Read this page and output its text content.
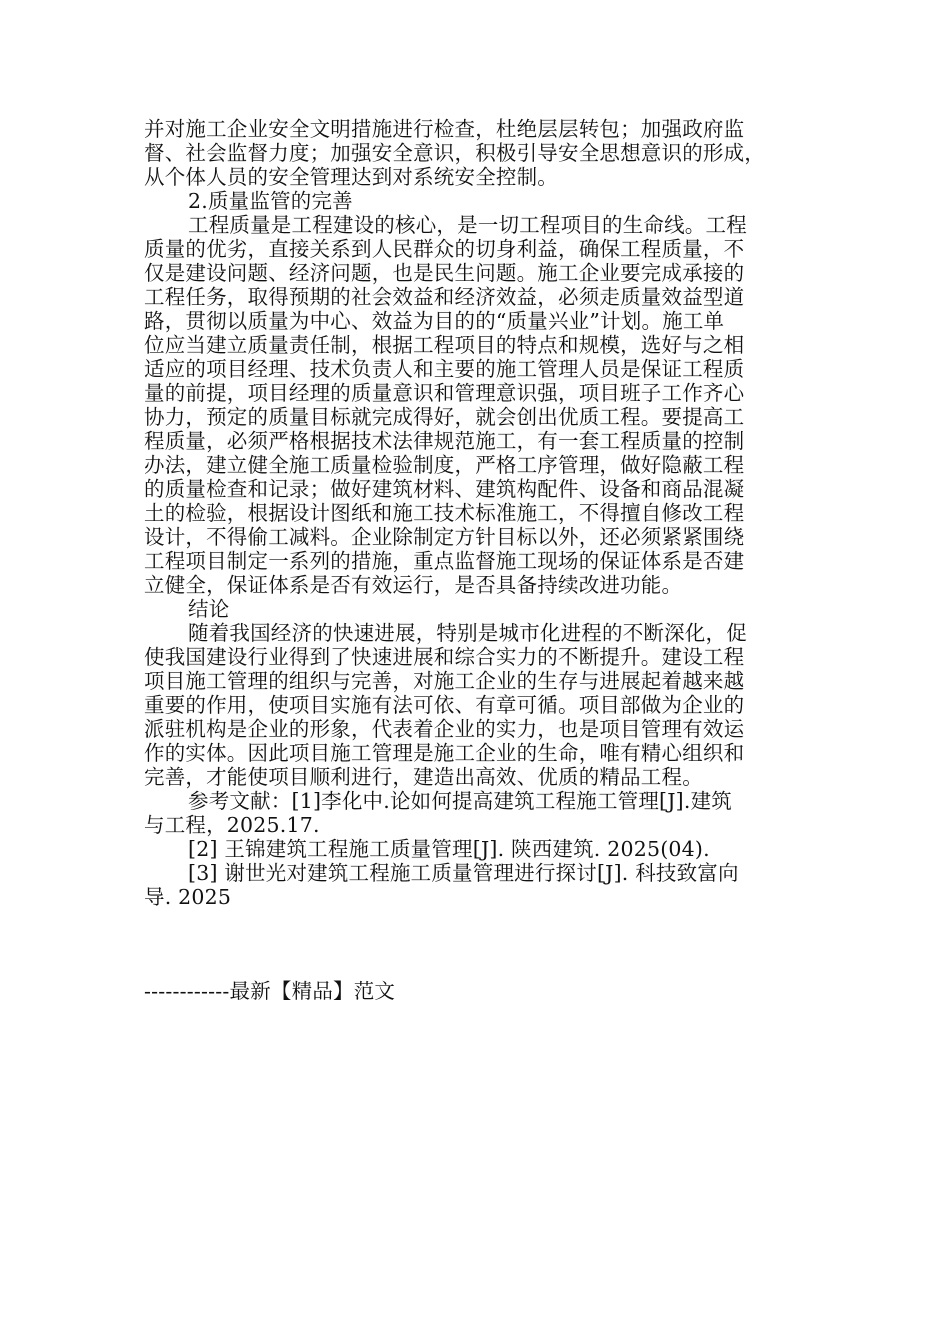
并对施工企业安全文明措施进行检查，杜绝层层转包；加强政府监
督、社会监督力度；加强安全意识，积极引导安全思想意识的形成，
从个体人员的安全管理达到对系统安全控制。
2.质量监管的完善
工程质量是工程建设的核心，是一切工程项目的生命线。工程
质量的优劣，直接关系到人民群众的切身利益，确保工程质量，不
仅是建设问题、经济问题，也是民生问题。施工企业要完成承接的
工程任务，取得预期的社会效益和经济效益，必须走质量效益型道
路，贯彻以质量为中心、效益为目的的“质量兴业”计划。施工单
位应当建立质量责任制，根据工程项目的特点和规模，选好与之相
适应的项目经理、技术负责人和主要的施工管理人员是保证工程质
量的前提，项目经理的质量意识和管理意识强，项目班子工作齐心
协力，预定的质量目标就完成得好，就会创出优质工程。要提高工
程质量，必须严格根据技术法律规范施工，有一套工程质量的控制
办法，建立健全施工质量检验制度，严格工序管理，做好隐蔽工程
的质量检查和记录；做好建筑材料、建筑构配件、设备和商品混凝
土的检验，根据设计图纸和施工技术标准施工，不得擅自修改工程
设计，不得偷工减料。企业除制定方针目标以外，还必须紧紧围绕
工程项目制定一系列的措施，重点监督施工现场的保证体系是否建
立健全，保证体系是否有效运行，是否具备持续改进功能。
结论
随着我国经济的快速进展，特别是城市化进程的不断深化，促
使我国建设行业得到了快速进展和综合实力的不断提升。建设工程
项目施工管理的组织与完善，对施工企业的生存与进展起着越来越
重要的作用，使项目实施有法可依、有章可循。项目部做为企业的
派驻机构是企业的形象，代表着企业的实力，也是项目管理有效运
作的实体。因此项目施工管理是施工企业的生命，唯有精心组织和
完善，才能使项目顺利进行，建造出高效、优质的精品工程。
参考文献：[1]李化中.论如何提高建筑工程施工管理[J].建筑
与工程，2025.17.
[2] 王锦建筑工程施工质量管理[J]. 陕西建筑. 2025(04).
[3] 谢世光对建筑工程施工质量管理进行探讨[J]. 科技致富向
导. 2025
------------最新【精品】范文
